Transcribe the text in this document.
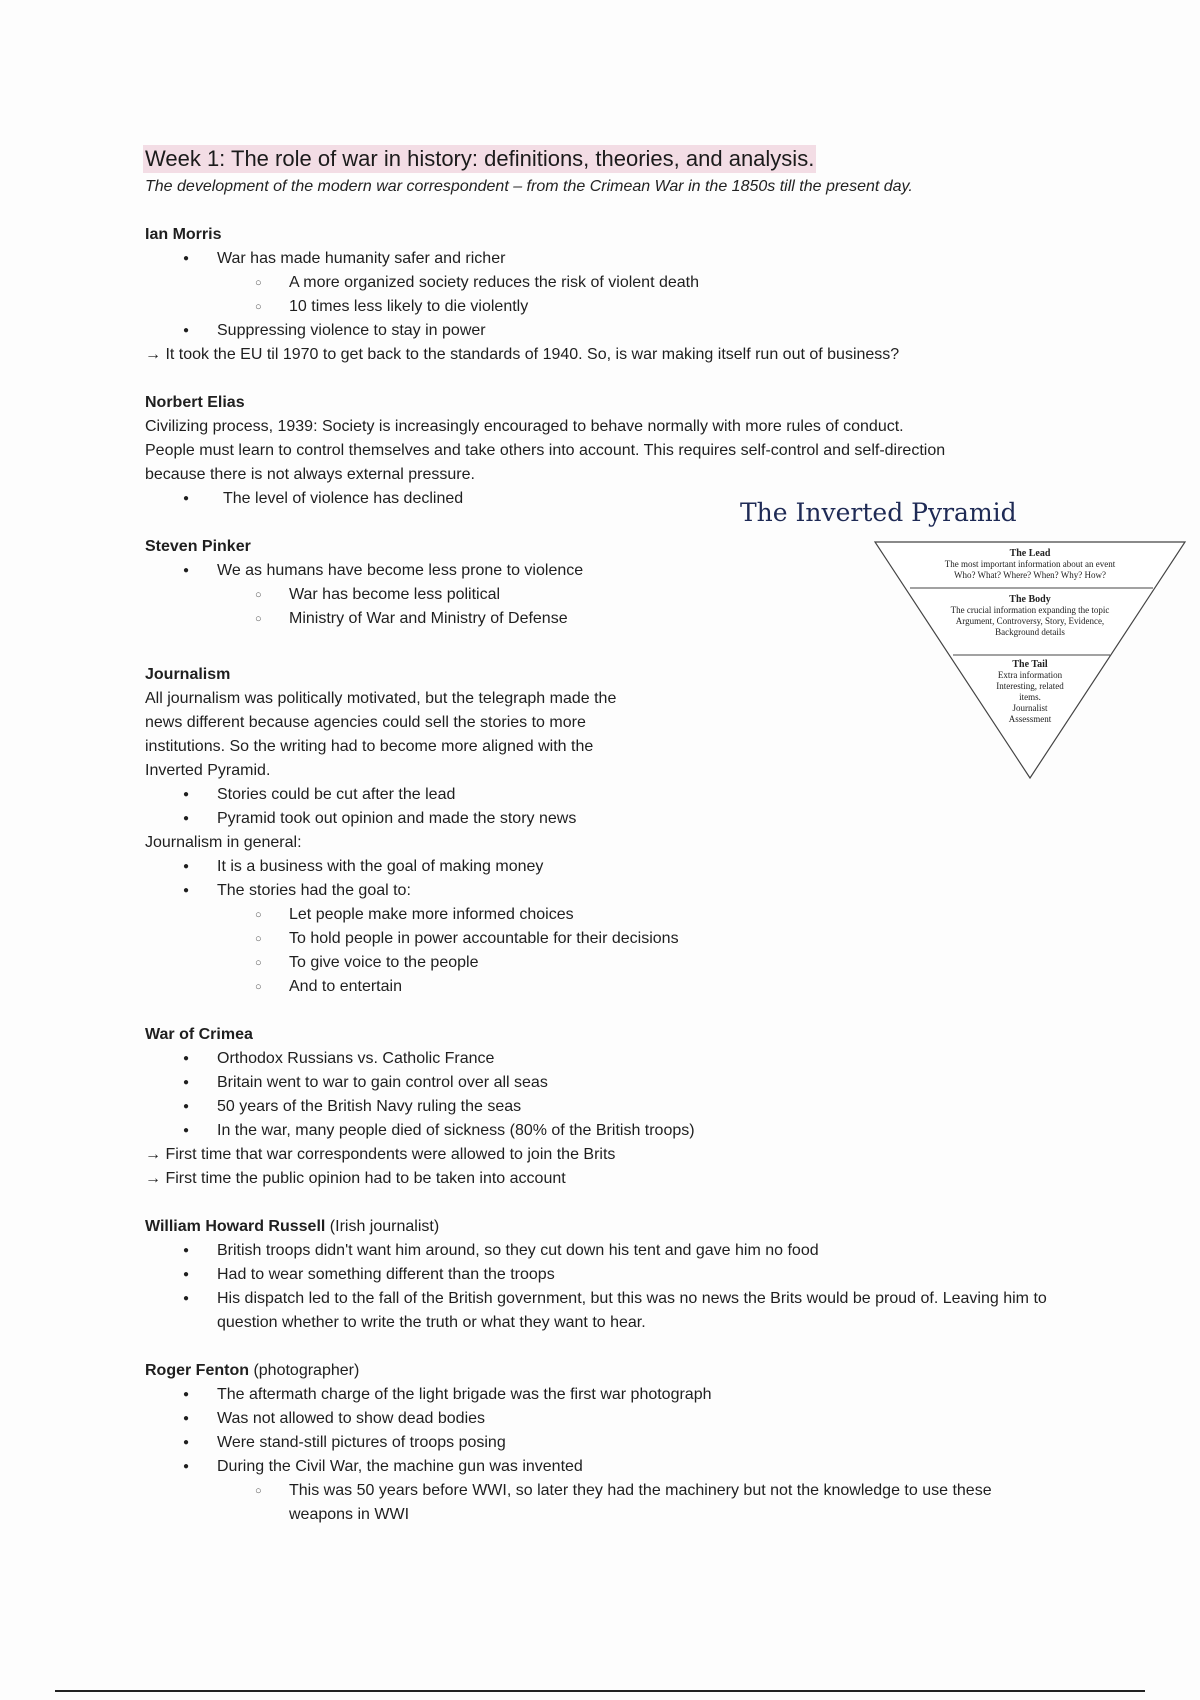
Week 1: The role of war in history: definitions, theories, and analysis.
The development of the modern war correspondent – from the Crimean War in the 1850s till the present day.
Ian Morris
● War has made humanity safer and richer
○ A more organized society reduces the risk of violent death
○ 10 times less likely to die violently
● Suppressing violence to stay in power

→ It took the EU til 1970 to get back to the standards of 1940. So, is war making itself run out of business?

Norbert Elias

Civilizing process, 1939: Society is increasingly encouraged to behave normally with more rules of conduct.

People must learn to control themselves and take others into account. This requires self-control and self-direction

because there is not always external pressure.

● The level of violence has declined
Steven Pinker
● We as humans have become less prone to violence
○ War has become less political
○ Ministry of War and Ministry of Defense
Journalism

All journalism was politically motivated, but the telegraph made the

news different because agencies could sell the stories to more

institutions. So the writing had to become more aligned with the

Inverted Pyramid.

● Stories could be cut after the lead
● Pyramid took out opinion and made the story news

Journalism in general:

● It is a business with the goal of making money
● The stories had the goal to:
○ Let people make more informed choices
○ To hold people in power accountable for their decisions
○ To give voice to the people
○ And to entertain
War of Crimea
● Orthodox Russians vs. Catholic France
● Britain went to war to gain control over all seas
● 50 years of the British Navy ruling the seas
● In the war, many people died of sickness (80% of the British troops)

→ First time that war correspondents were allowed to join the Brits

→ First time the public opinion had to be taken into account

William Howard Russell (Irish journalist)
● British troops didn't want him around, so they cut down his tent and gave him no food
● Had to wear something different than the troops
● His dispatch led to the fall of the British government, but this was no news the Brits would be proud of. Leaving him to question whether to write the truth or what they want to hear.
Roger Fenton (photographer)
● The aftermath charge of the light brigade was the first war photograph
● Was not allowed to show dead bodies
● Were stand-still pictures of troops posing
● During the Civil War, the machine gun was invented
○ This was 50 years before WWI, so later they had the machinery but not the knowledge to use these weapons in WWI
The Inverted Pyramid
The Lead
The most important information about an event
Who? What? Where? When? Why? How?
The Body
The crucial information expanding the topic
Argument, Controversy, Story, Evidence,
Background details
The Tail
Extra information
Interesting, related
items.
Journalist
Assessment
